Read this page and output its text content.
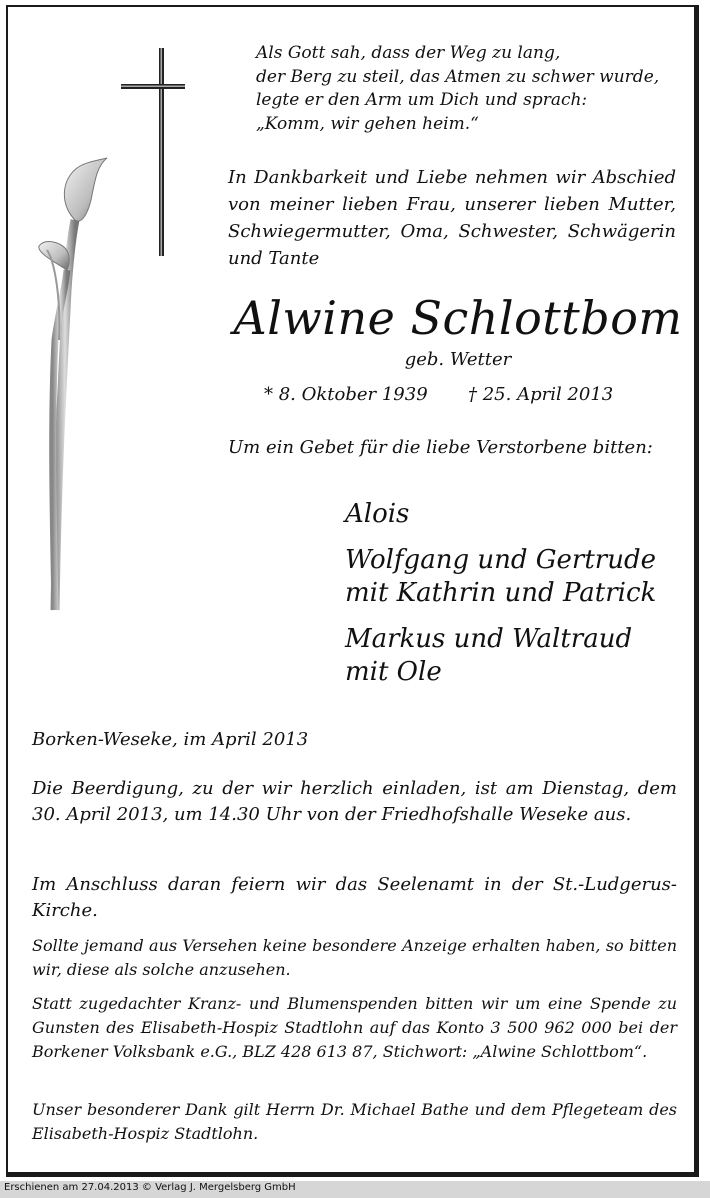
Als Gott sah, dass der Weg zu lang,
der Berg zu steil, das Atmen zu schwer wurde,
legte er den Arm um Dich und sprach:
„Komm, wir gehen heim.“
In Dankbarkeit und Liebe nehmen wir Abschied von meiner lieben Frau, unserer lieben Mutter, Schwiegermutter, Oma, Schwester, Schwägerin und Tante
Alwine Schlottbom
geb. Wetter
* 8. Oktober 1939 † 25. April 2013
Um ein Gebet für die liebe Verstorbene bitten:
Alois
Wolfgang und Gertrude
mit Kathrin und Patrick
Markus und Waltraud
mit Ole
Borken-Weseke, im April 2013
Die Beerdigung, zu der wir herzlich einladen, ist am Dienstag, dem 30. April 2013, um 14.30 Uhr von der Friedhofshalle Weseke aus.
Im Anschluss daran feiern wir das Seelenamt in der St.-Ludgerus-Kirche.
Sollte jemand aus Versehen keine besondere Anzeige erhalten haben, so bitten wir, diese als solche anzusehen.
Statt zugedachter Kranz- und Blumenspenden bitten wir um eine Spende zu Gunsten des Elisabeth-Hospiz Stadtlohn auf das Konto 3 500 962 000 bei der Borkener Volksbank e.G., BLZ 428 613 87, Stichwort: „Alwine Schlottbom“.
Unser besonderer Dank gilt Herrn Dr. Michael Bathe und dem Pflegeteam des Elisabeth-Hospiz Stadtlohn.
Erschienen am 27.04.2013 © Verlag J. Mergelsberg GmbH
